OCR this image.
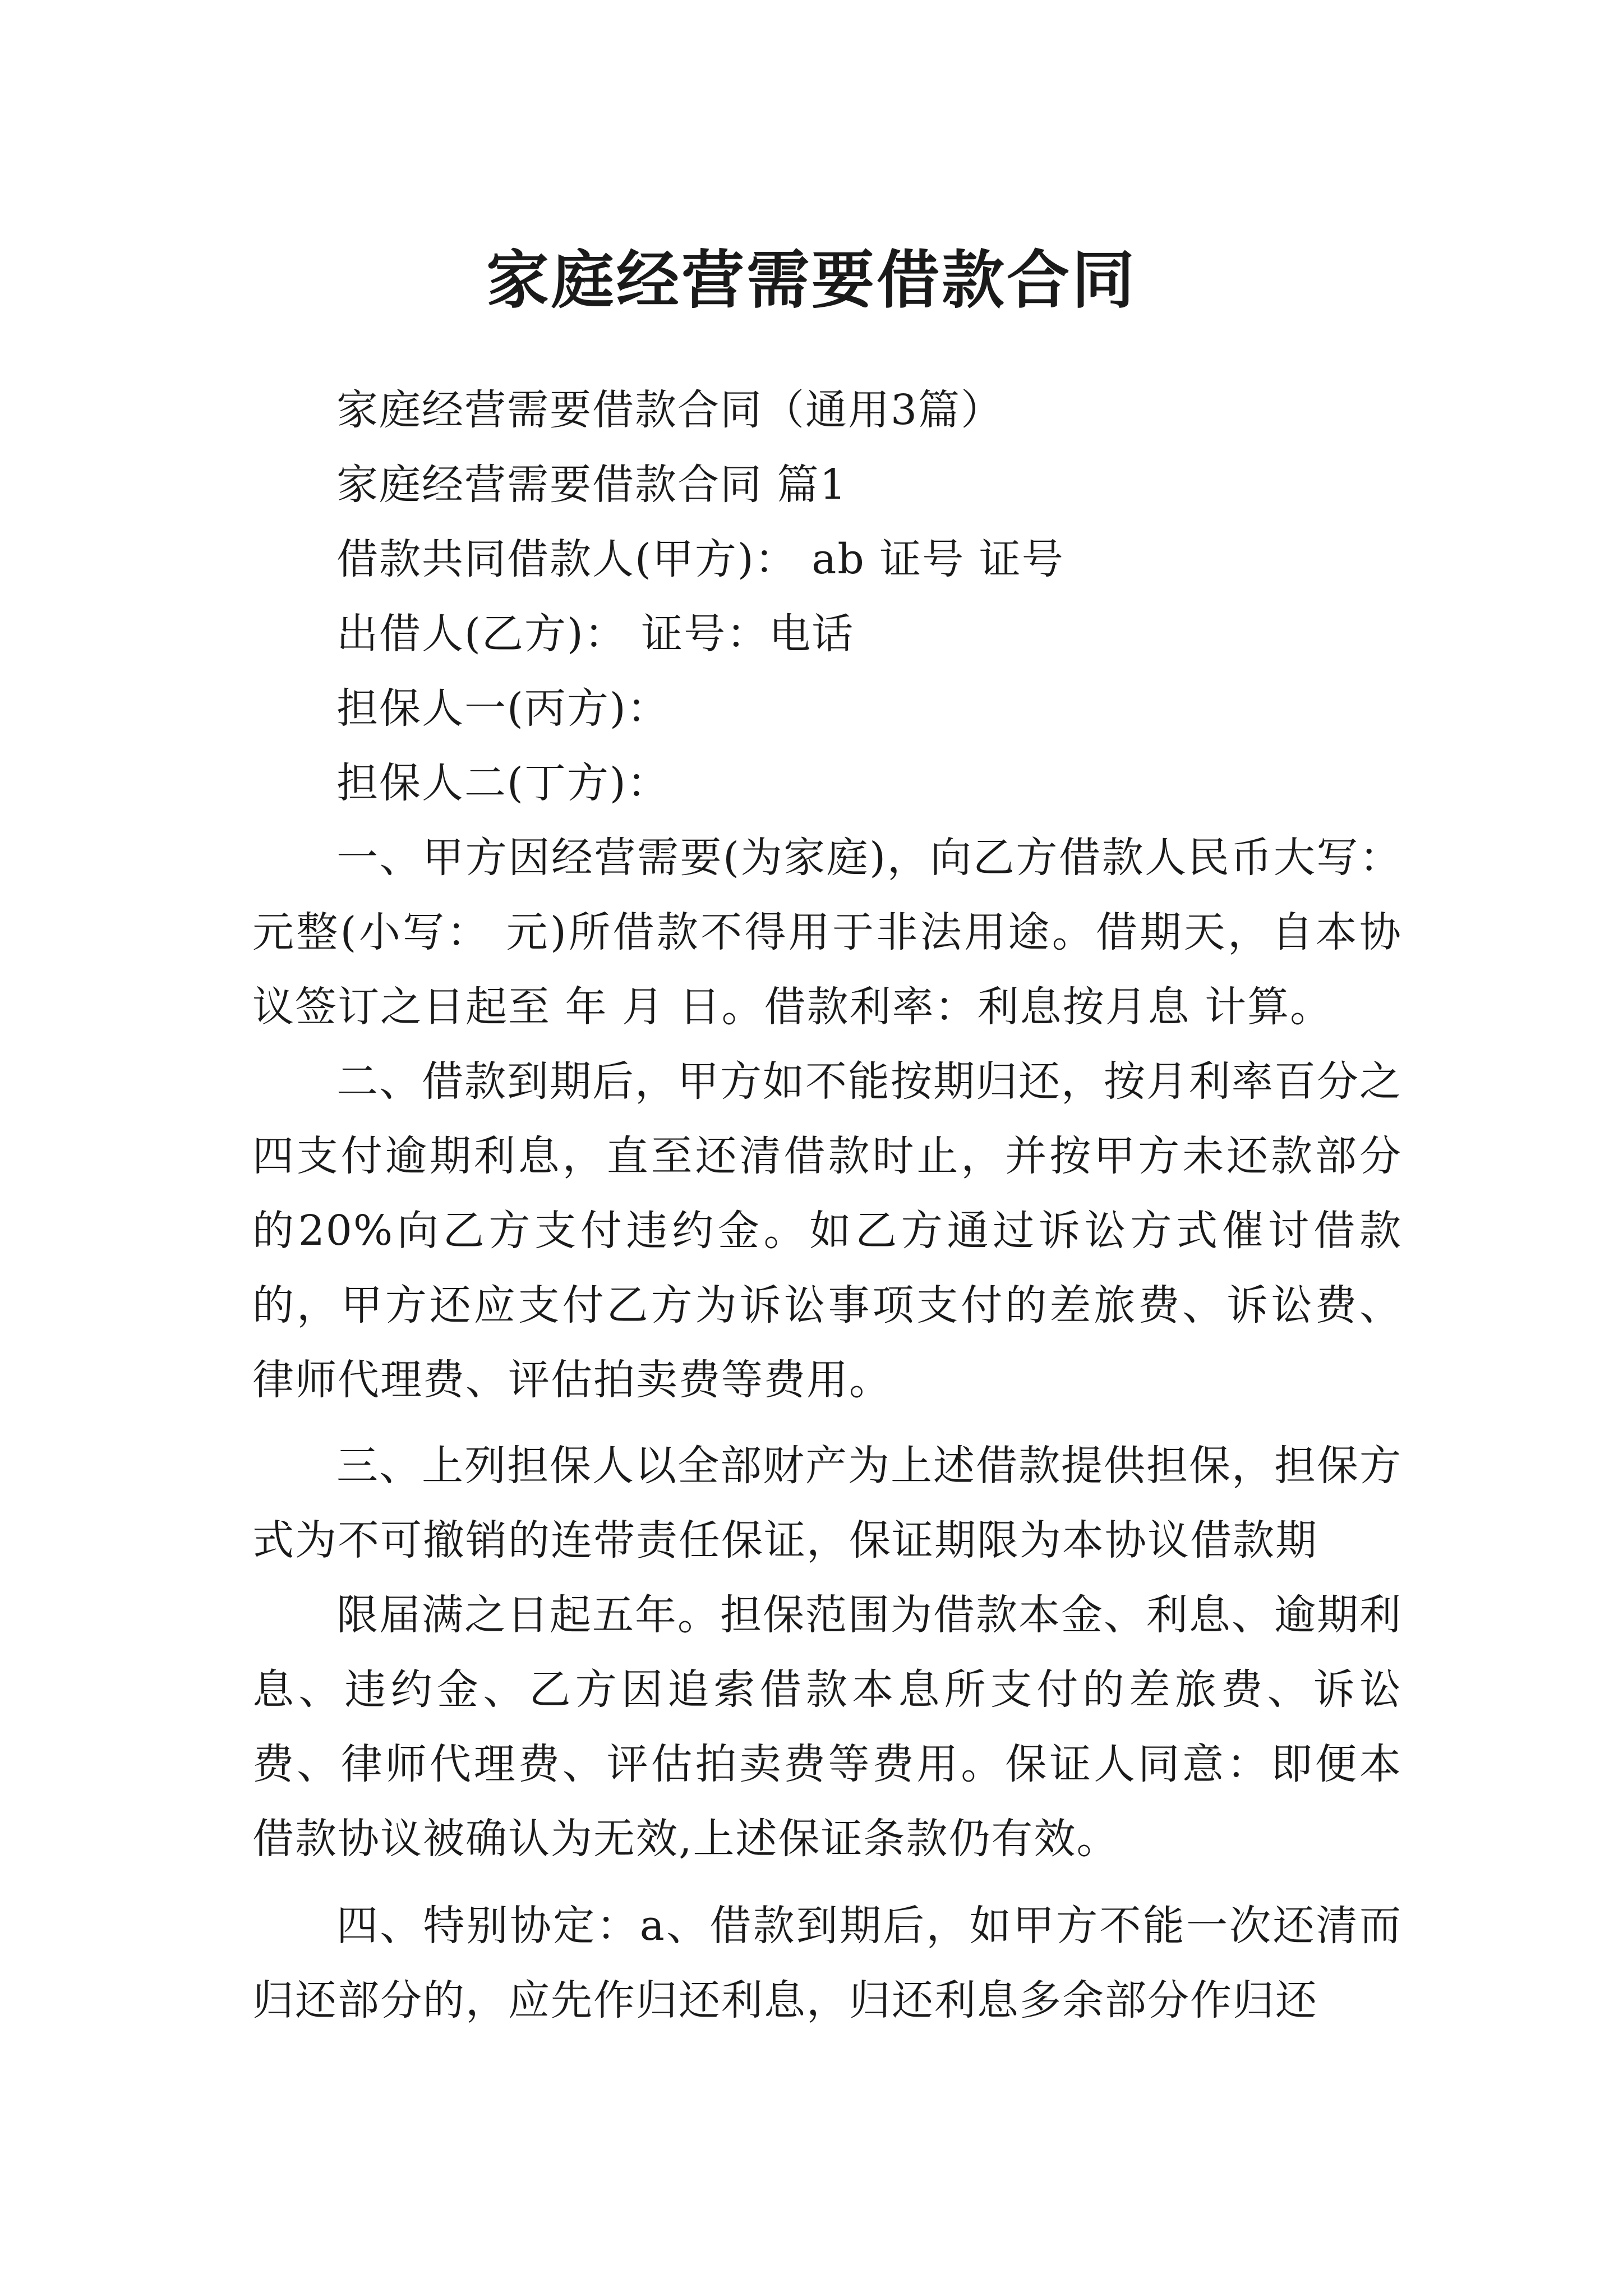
家庭经营需要借款合同

家庭经营需要借款合同（通用3篇）

家庭经营需要借款合同 篇1

借款共同借款人(甲方)： ab 证号 证号

出借人(乙方)： 证号：电话

担保人一(丙方)：

担保人二(丁方)：

一、甲方因经营需要(为家庭)，向乙方借款人民币大写：元整(小写： 元)所借款不得用于非法用途。借期天，自本协议签订之日起至 年 月 日。借款利率：利息按月息 计算。

二、借款到期后，甲方如不能按期归还，按月利率百分之四支付逾期利息，直至还清借款时止，并按甲方未还款部分的20%向乙方支付违约金。如乙方通过诉讼方式催讨借款的，甲方还应支付乙方为诉讼事项支付的差旅费、诉讼费、律师代理费、评估拍卖费等费用。

三、上列担保人以全部财产为上述借款提供担保，担保方式为不可撤销的连带责任保证，保证期限为本协议借款期

限届满之日起五年。担保范围为借款本金、利息、逾期利息、违约金、乙方因追索借款本息所支付的差旅费、诉讼费、律师代理费、评估拍卖费等费用。保证人同意：即便本借款协议被确认为无效,上述保证条款仍有效。

四、特别协定：a、借款到期后，如甲方不能一次还清而归还部分的，应先作归还利息，归还利息多余部分作归还
